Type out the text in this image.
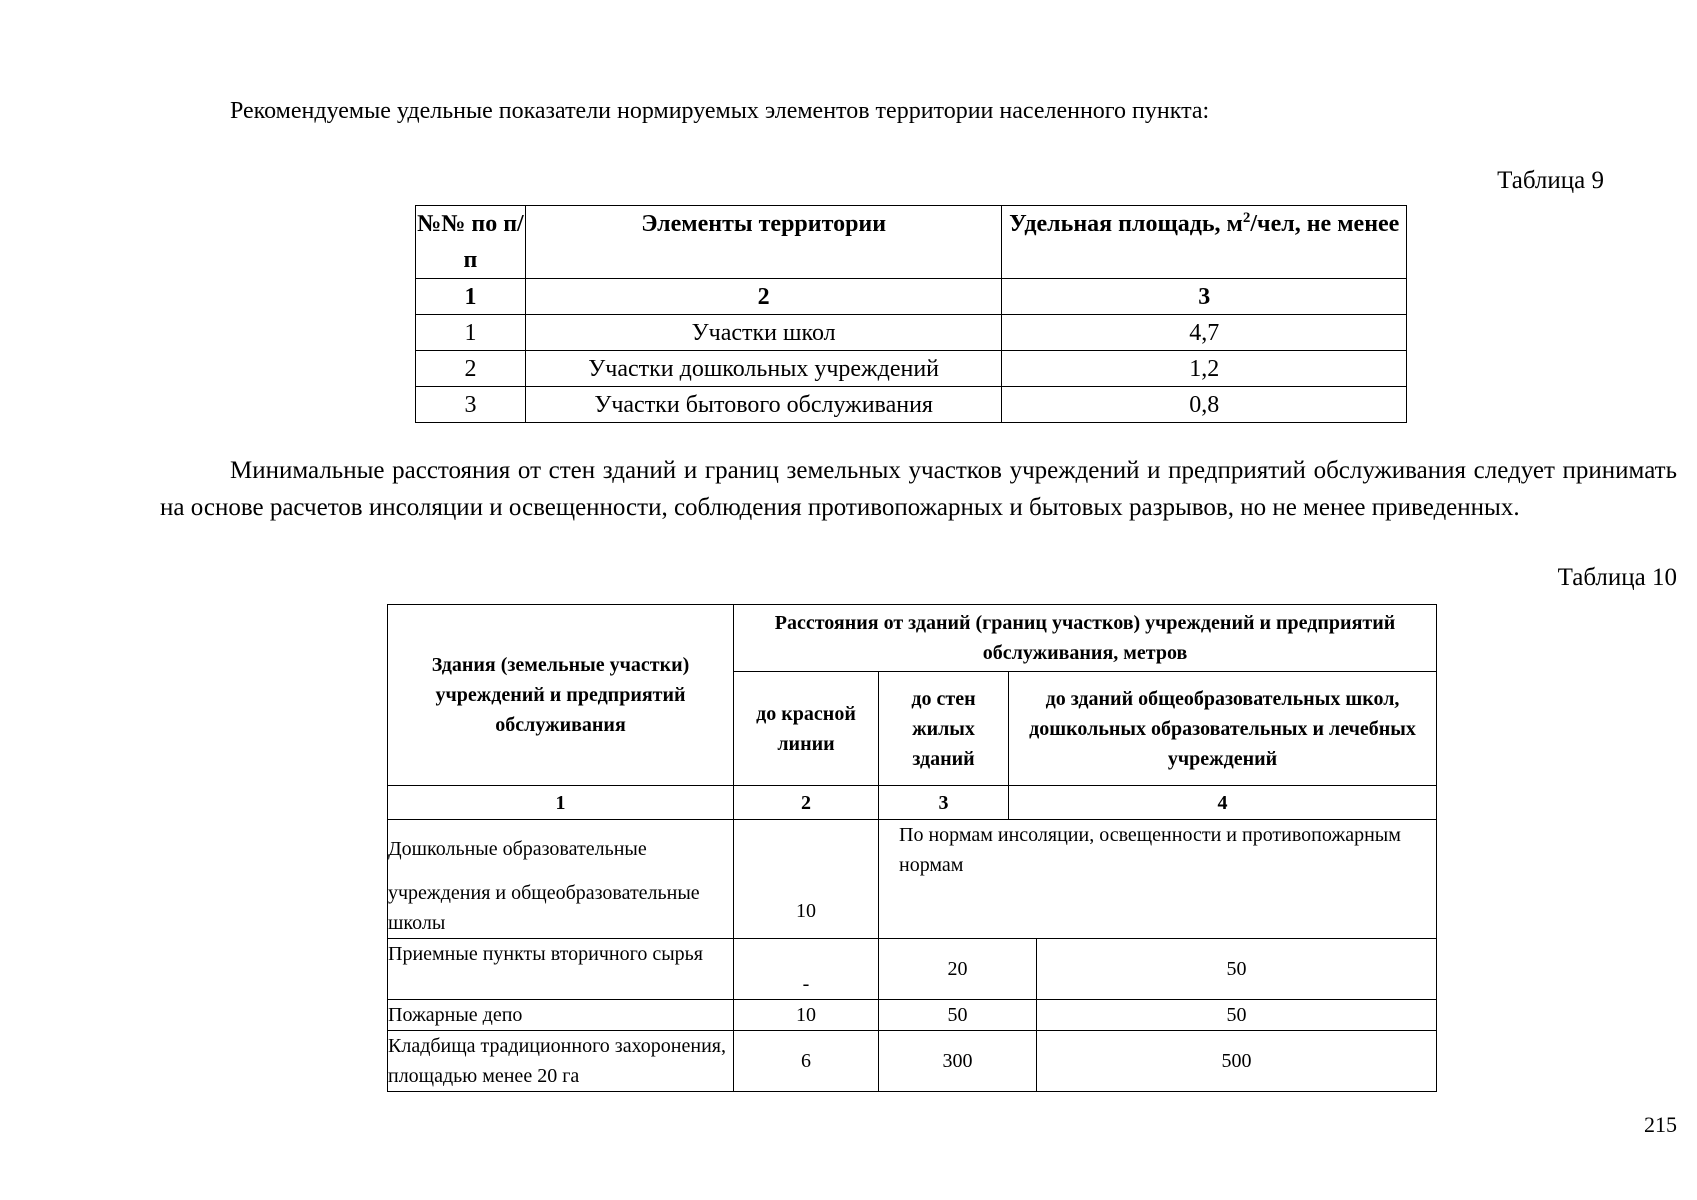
Рекомендуемые удельные показатели нормируемых элементов территории населенного пункта:
Таблица 9
№№ по п/п	Элементы территории	Удельная площадь, $м^2$/чел, не менее
1	2	3
1	Участки школ	4,7
2	Участки дошкольных учреждений	1,2
3	Участки бытового обслуживания	0,8

Минимальные расстояния от стен зданий и границ земельных участков учреждений и предприятий обслуживания следует принимать на основе расчетов инсоляции и освещенности, соблюдения противопожарных и бытовых разрывов, но не менее приведенных.

Таблица 10
Здания (земельные участки) учреждений и предприятий обслуживания	Расстояния от зданий (границ участков) учреждений и предприятий обслуживания, метров			
	до красной линии	до стен жилых зданий	до зданий общеобразовательных школ, дошкольных образовательных и лечебных учреждений	
1	2	3	4	

Дошкольные образовательные
учреждения и общеобразовательные школы	10	По нормам инсоляции, освещенности и противопожарным нормам		
Приемные пункты вторичного сырья	-	20		50
Пожарные депо	10	50		50
Кладбища традиционного захоронения, площадью менее 20 га	6	300		500
215
